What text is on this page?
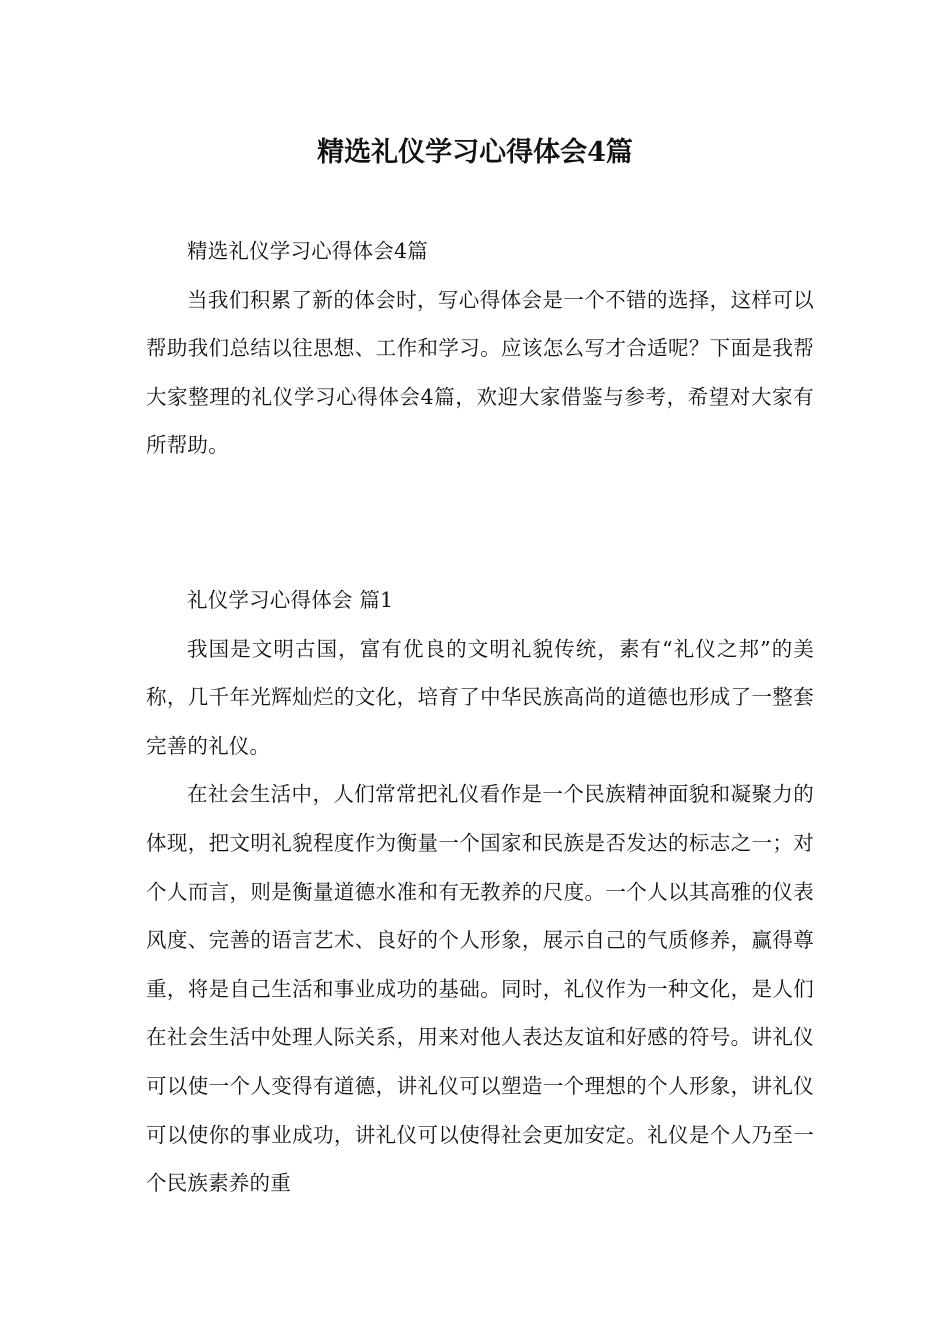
精选礼仪学习心得体会4篇

精选礼仪学习心得体会4篇

当我们积累了新的体会时，写心得体会是一个不错的选择，这样可以帮助我们总结以往思想、工作和学习。应该怎么写才合适呢？下面是我帮大家整理的礼仪学习心得体会4篇，欢迎大家借鉴与参考，希望对大家有所帮助。

礼仪学习心得体会 篇1

我国是文明古国，富有优良的文明礼貌传统，素有“礼仪之邦”的美称，几千年光辉灿烂的文化，培育了中华民族高尚的道德也形成了一整套完善的礼仪。

在社会生活中，人们常常把礼仪看作是一个民族精神面貌和凝聚力的体现，把文明礼貌程度作为衡量一个国家和民族是否发达的标志之一；对个人而言，则是衡量道德水准和有无教养的尺度。一个人以其高雅的仪表风度、完善的语言艺术、良好的个人形象，展示自己的气质修养，赢得尊重，将是自己生活和事业成功的基础。同时，礼仪作为一种文化，是人们在社会生活中处理人际关系，用来对他人表达友谊和好感的符号。讲礼仪可以使一个人变得有道德，讲礼仪可以塑造一个理想的个人形象，讲礼仪可以使你的事业成功，讲礼仪可以使得社会更加安定。礼仪是个人乃至一个民族素养的重
